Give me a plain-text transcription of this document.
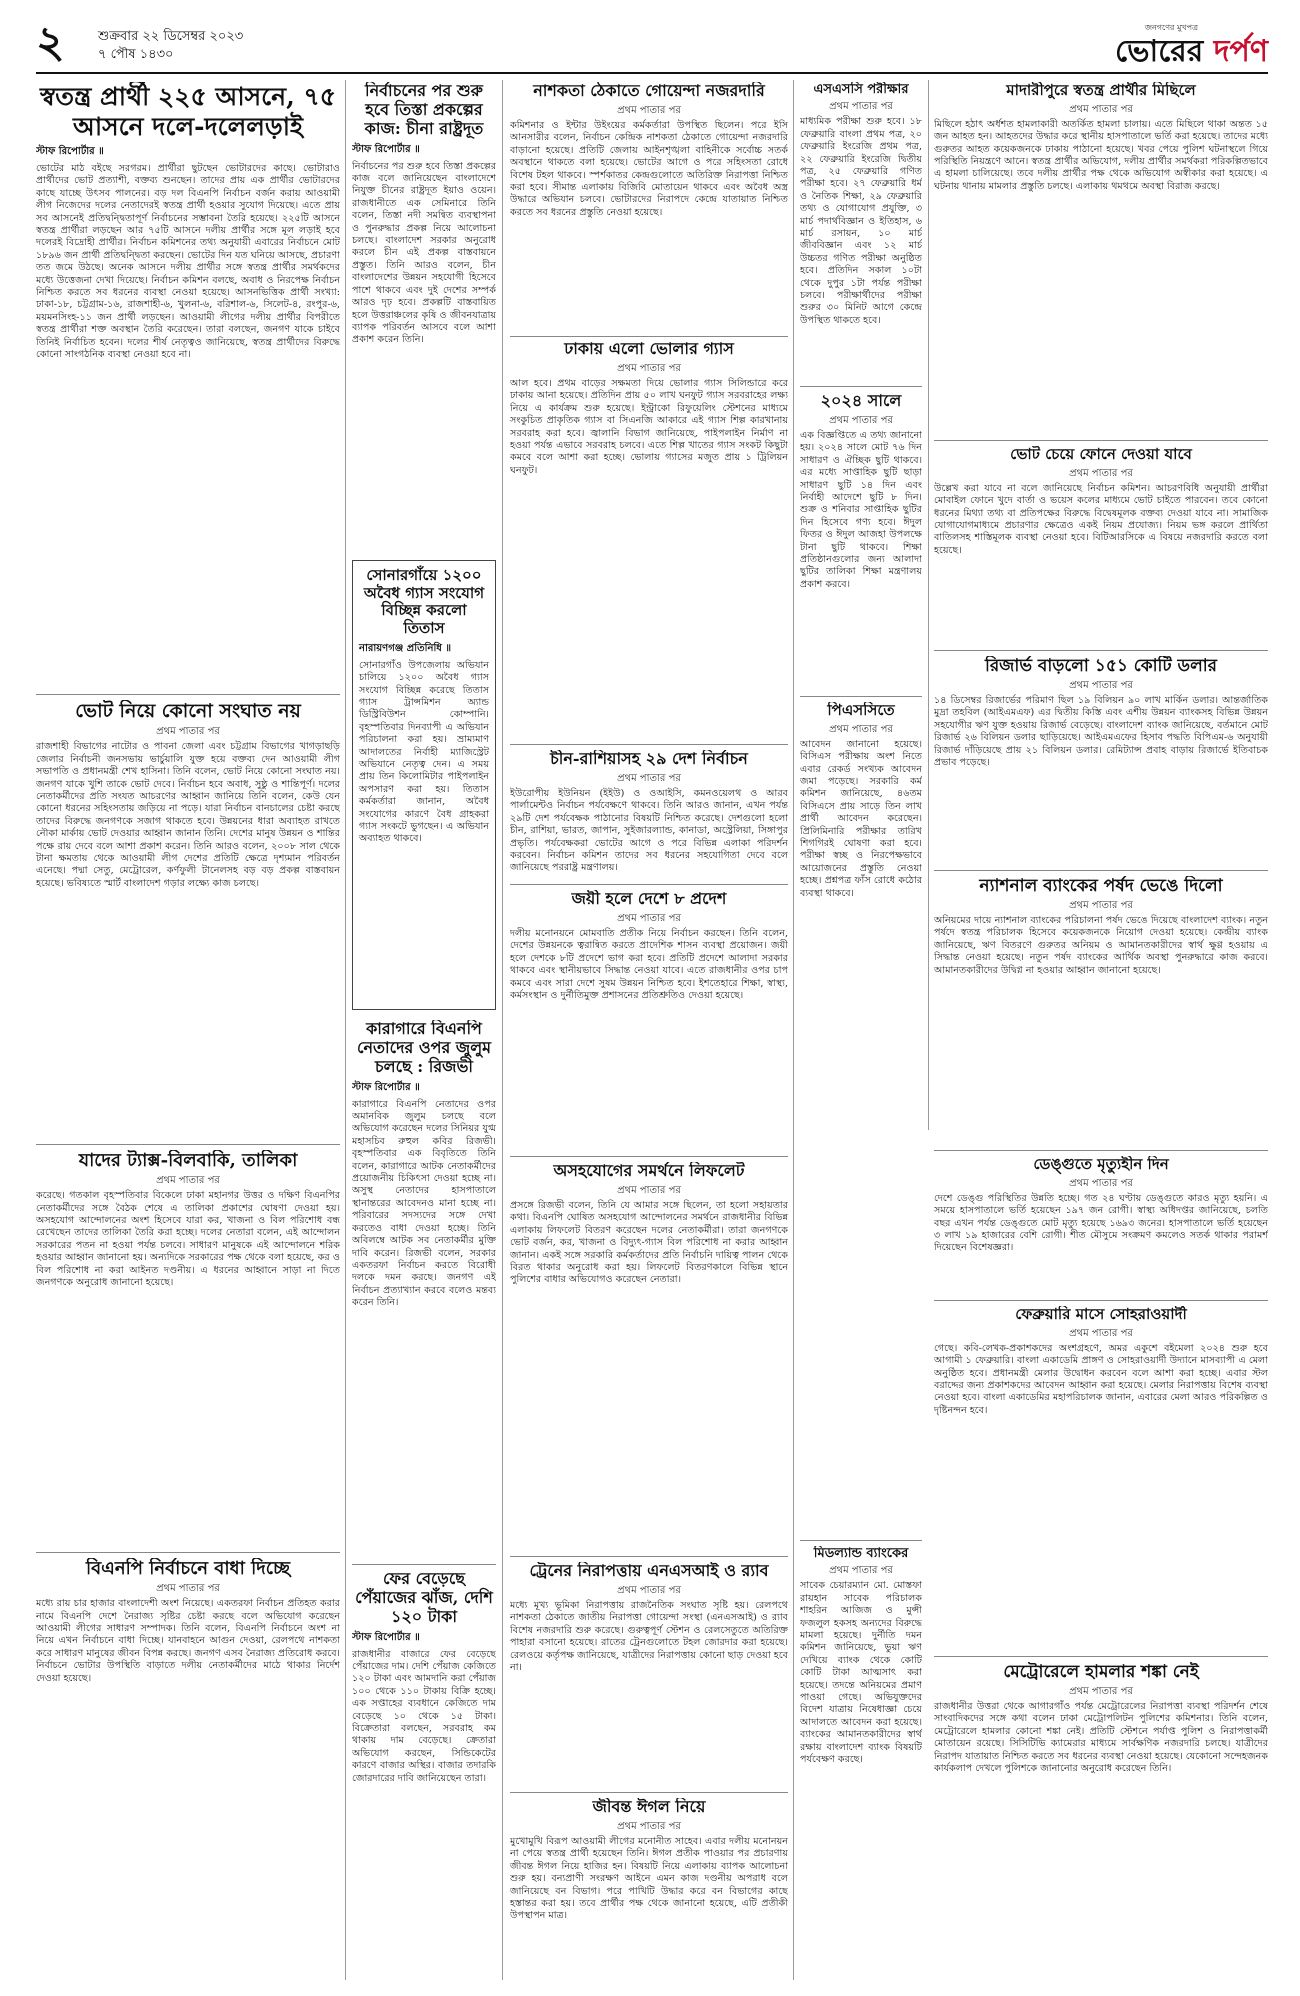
২	শুক্রবার ২২ ডিসেম্বর ২০২৩
৭ পৌষ ১৪৩০
জনগণের মুখপত্র
ভোরের দর্পণ
স্বতন্ত্র প্রার্থী ২২৫ আসনে, ৭৫ আসনে দলে-দলেলড়াই
স্টাফ রিপোর্টার ॥
ভোটের মাঠ বইছে সরগরম। প্রার্থীরা ছুটছেন ভোটারদের কাছে। ভোটারাও প্রার্থীদের ভোট প্রত্যাশী, বক্তব্য শুনছেন। তাদের প্রায় এক প্রার্থীর ভোটারদের কাছে যাচ্ছে উৎসব পালনের। বড় দল বিএনপি নির্বাচন বর্জন করায় আওয়ামী লীগ নিজেদের দলের নেতাদেরই স্বতন্ত্র প্রার্থী হওয়ার সুযোগ দিয়েছে। এতে প্রায় সব আসনেই প্রতিদ্বন্দ্বিতাপূর্ণ নির্বাচনের সম্ভাবনা তৈরি হয়েছে। ২২৫টি আসনে স্বতন্ত্র প্রার্থীরা লড়ছেন আর ৭৫টি আসনে দলীয় প্রার্থীর সঙ্গে মূল লড়াই হবে দলেরই বিদ্রোহী প্রার্থীর। নির্বাচন কমিশনের তথ্য অনুযায়ী এবারের নির্বাচনে মোট ১৮৯৬ জন প্রার্থী প্রতিদ্বন্দ্বিতা করছেন। ভোটের দিন যত ঘনিয়ে আসছে, প্রচারণা তত জমে উঠছে। অনেক আসনে দলীয় প্রার্থীর সঙ্গে স্বতন্ত্র প্রার্থীর সমর্থকদের মধ্যে উত্তেজনা দেখা দিয়েছে। নির্বাচন কমিশন বলছে, অবাধ ও নিরপেক্ষ নির্বাচন নিশ্চিত করতে সব ধরনের ব্যবস্থা নেওয়া হয়েছে। আসনভিত্তিক প্রার্থী সংখ্যা: ঢাকা-১৮, চট্টগ্রাম-১৬, রাজশাহী-৬, খুলনা-৬, বরিশাল-৬, সিলেট-৪, রংপুর-৬, ময়মনসিংহ-১১ জন প্রার্থী লড়ছেন। আওয়ামী লীগের দলীয় প্রার্থীর বিপরীতে স্বতন্ত্র প্রার্থীরা শক্ত অবস্থান তৈরি করেছেন। তারা বলছেন, জনগণ যাকে চাইবে তিনিই নির্বাচিত হবেন। দলের শীর্ষ নেতৃত্বও জানিয়েছে, স্বতন্ত্র প্রার্থীদের বিরুদ্ধে কোনো সাংগঠনিক ব্যবস্থা নেওয়া হবে না।
ভোট নিয়ে কোনো সংঘাত নয়
প্রথম পাতার পর
রাজশাহী বিভাগের নাটোর ও পাবনা জেলা এবং চট্টগ্রাম বিভাগের খাগড়াছড়ি জেলার নির্বাচনী জনসভায় ভার্চুয়ালি যুক্ত হয়ে বক্তব্য দেন আওয়ামী লীগ সভাপতি ও প্রধানমন্ত্রী শেখ হাসিনা। তিনি বলেন, ভোট নিয়ে কোনো সংঘাত নয়। জনগণ যাকে খুশি তাকে ভোট দেবে। নির্বাচন হবে অবাধ, সুষ্ঠু ও শান্তিপূর্ণ। দলের নেতাকর্মীদের প্রতি সংযত আচরণের আহ্বান জানিয়ে তিনি বলেন, কেউ যেন কোনো ধরনের সহিংসতায় জড়িয়ে না পড়ে। যারা নির্বাচন বানচালের চেষ্টা করছে তাদের বিরুদ্ধে জনগণকে সজাগ থাকতে হবে। উন্নয়নের ধারা অব্যাহত রাখতে নৌকা মার্কায় ভোট দেওয়ার আহ্বান জানান তিনি। দেশের মানুষ উন্নয়ন ও শান্তির পক্ষে রায় দেবে বলে আশা প্রকাশ করেন। তিনি আরও বলেন, ২০০৮ সাল থেকে টানা ক্ষমতায় থেকে আওয়ামী লীগ দেশের প্রতিটি ক্ষেত্রে দৃশ্যমান পরিবর্তন এনেছে। পদ্মা সেতু, মেট্রোরেল, কর্ণফুলী টানেলসহ বড় বড় প্রকল্প বাস্তবায়ন হয়েছে। ভবিষ্যতে স্মার্ট বাংলাদেশ গড়ার লক্ষ্যে কাজ চলছে।
যাদের ট্যাক্স-বিলবাকি, তালিকা
প্রথম পাতার পর
করেছে। গতকাল বৃহস্পতিবার বিকেলে ঢাকা মহানগর উত্তর ও দক্ষিণ বিএনপির নেতাকর্মীদের সঙ্গে বৈঠক শেষে এ তালিকা প্রকাশের ঘোষণা দেওয়া হয়। অসহযোগ আন্দোলনের অংশ হিসেবে যারা কর, খাজনা ও বিল পরিশোধ বন্ধ রেখেছেন তাদের তালিকা তৈরি করা হচ্ছে। দলের নেতারা বলেন, এই আন্দোলন সরকারের পতন না হওয়া পর্যন্ত চলবে। সাধারণ মানুষকে এই আন্দোলনে শরিক হওয়ার আহ্বান জানানো হয়। অন্যদিকে সরকারের পক্ষ থেকে বলা হয়েছে, কর ও বিল পরিশোধ না করা আইনত দণ্ডনীয়। এ ধরনের আহ্বানে সাড়া না দিতে জনগণকে অনুরোধ জানানো হয়েছে।
বিএনপি নির্বাচনে বাধা দিচ্ছে
প্রথম পাতার পর
মধ্যে রায় চার হাজার বাংলাদেশী অংশ নিয়েছে। একতরফা নির্বাচন প্রতিহত করার নামে বিএনপি দেশে নৈরাজ্য সৃষ্টির চেষ্টা করছে বলে অভিযোগ করেছেন আওয়ামী লীগের সাধারণ সম্পাদক। তিনি বলেন, বিএনপি নির্বাচনে অংশ না নিয়ে এখন নির্বাচনে বাধা দিচ্ছে। যানবাহনে আগুন দেওয়া, রেলপথে নাশকতা করে সাধারণ মানুষের জীবন বিপন্ন করছে। জনগণ এসব নৈরাজ্য প্রতিরোধ করবে। নির্বাচনে ভোটার উপস্থিতি বাড়াতে দলীয় নেতাকর্মীদের মাঠে থাকার নির্দেশ দেওয়া হয়েছে।
নির্বাচনের পর শুরু হবে তিস্তা প্রকল্পের কাজ: চীনা রাষ্ট্রদূত
স্টাফ রিপোর্টার ॥
নির্বাচনের পর শুরু হবে তিস্তা প্রকল্পের কাজ বলে জানিয়েছেন বাংলাদেশে নিযুক্ত চীনের রাষ্ট্রদূত ইয়াও ওয়েন। রাজধানীতে এক সেমিনারে তিনি বলেন, তিস্তা নদী সমন্বিত ব্যবস্থাপনা ও পুনরুদ্ধার প্রকল্প নিয়ে আলোচনা চলছে। বাংলাদেশ সরকার অনুরোধ করলে চীন এই প্রকল্প বাস্তবায়নে প্রস্তুত। তিনি আরও বলেন, চীন বাংলাদেশের উন্নয়ন সহযোগী হিসেবে পাশে থাকবে এবং দুই দেশের সম্পর্ক আরও দৃঢ় হবে। প্রকল্পটি বাস্তবায়িত হলে উত্তরাঞ্চলের কৃষি ও জীবনযাত্রায় ব্যাপক পরিবর্তন আসবে বলে আশা প্রকাশ করেন তিনি।
সোনারগাঁয়ে ১২০০ অবৈধ গ্যাস সংযোগ বিচ্ছিন্ন করলো তিতাস
নারায়ণগঞ্জ প্রতিনিধি ॥
সোনারগাঁও উপজেলায় অভিযান চালিয়ে ১২০০ অবৈধ গ্যাস সংযোগ বিচ্ছিন্ন করেছে তিতাস গ্যাস ট্রান্সমিশন অ্যান্ড ডিস্ট্রিবিউশন কোম্পানি। বৃহস্পতিবার দিনব্যাপী এ অভিযান পরিচালনা করা হয়। ভ্রাম্যমাণ আদালতের নির্বাহী ম্যাজিস্ট্রেট অভিযানে নেতৃত্ব দেন। এ সময় প্রায় তিন কিলোমিটার পাইপলাইন অপসারণ করা হয়। তিতাস কর্মকর্তারা জানান, অবৈধ সংযোগের কারণে বৈধ গ্রাহকরা গ্যাস সংকটে ভুগছেন। এ অভিযান অব্যাহত থাকবে।
কারাগারে বিএনপি নেতাদের ওপর জুলুম চলছে : রিজভী
স্টাফ রিপোর্টার ॥
কারাগারে বিএনপি নেতাদের ওপর অমানবিক জুলুম চলছে বলে অভিযোগ করেছেন দলের সিনিয়র যুগ্ম মহাসচিব রুহুল কবির রিজভী। বৃহস্পতিবার এক বিবৃতিতে তিনি বলেন, কারাগারে আটক নেতাকর্মীদের প্রয়োজনীয় চিকিৎসা দেওয়া হচ্ছে না। অসুস্থ নেতাদের হাসপাতালে স্থানান্তরের আবেদনও মানা হচ্ছে না। পরিবারের সদস্যদের সঙ্গে দেখা করতেও বাধা দেওয়া হচ্ছে। তিনি অবিলম্বে আটক সব নেতাকর্মীর মুক্তি দাবি করেন। রিজভী বলেন, সরকার একতরফা নির্বাচন করতে বিরোধী দলকে দমন করছে। জনগণ এই নির্বাচন প্রত্যাখ্যান করবে বলেও মন্তব্য করেন তিনি।
ফের বেড়েছে পেঁয়াজের ঝাঁজ, দেশি ১২০ টাকা
স্টাফ রিপোর্টার ॥
রাজধানীর বাজারে ফের বেড়েছে পেঁয়াজের দাম। দেশি পেঁয়াজ কেজিতে ১২০ টাকা এবং আমদানি করা পেঁয়াজ ১০০ থেকে ১১০ টাকায় বিক্রি হচ্ছে। এক সপ্তাহের ব্যবধানে কেজিতে দাম বেড়েছে ১০ থেকে ১৫ টাকা। বিক্রেতারা বলছেন, সরবরাহ কম থাকায় দাম বেড়েছে। ক্রেতারা অভিযোগ করছেন, সিন্ডিকেটের কারণে বাজার অস্থির। বাজার তদারকি জোরদারের দাবি জানিয়েছেন তারা।
নাশকতা ঠেকাতে গোয়েন্দা নজরদারি
প্রথম পাতার পর
কমিশনার ও ইন্টার উইংয়ের কর্মকর্তারা উপস্থিত ছিলেন। পরে ইসি আনসারীর বলেন, নির্বাচন কেন্দ্রিক নাশকতা ঠেকাতে গোয়েন্দা নজরদারি বাড়ানো হয়েছে। প্রতিটি জেলায় আইনশৃঙ্খলা বাহিনীকে সর্বোচ্চ সতর্ক অবস্থানে থাকতে বলা হয়েছে। ভোটের আগে ও পরে সহিংসতা রোধে বিশেষ টহল থাকবে। স্পর্শকাতর কেন্দ্রগুলোতে অতিরিক্ত নিরাপত্তা নিশ্চিত করা হবে। সীমান্ত এলাকায় বিজিবি মোতায়েন থাকবে এবং অবৈধ অস্ত্র উদ্ধারে অভিযান চলবে। ভোটারদের নিরাপদে কেন্দ্রে যাতায়াত নিশ্চিত করতে সব ধরনের প্রস্তুতি নেওয়া হয়েছে।
ঢাকায় এলো ভোলার গ্যাস
প্রথম পাতার পর
আল হবে। প্রথম বাড়ের সক্ষমতা দিয়ে ভোলার গ্যাস সিলিন্ডারে করে ঢাকায় আনা হয়েছে। প্রতিদিন প্রায় ৫০ লাখ ঘনফুট গ্যাস সরবরাহের লক্ষ্য নিয়ে এ কার্যক্রম শুরু হয়েছে। ইন্ট্রাকো রিফুয়েলিং স্টেশনের মাধ্যমে সংকুচিত প্রাকৃতিক গ্যাস বা সিএনজি আকারে এই গ্যাস শিল্প কারখানায় সরবরাহ করা হবে। জ্বালানি বিভাগ জানিয়েছে, পাইপলাইন নির্মাণ না হওয়া পর্যন্ত এভাবে সরবরাহ চলবে। এতে শিল্প খাতের গ্যাস সংকট কিছুটা কমবে বলে আশা করা হচ্ছে। ভোলায় গ্যাসের মজুত প্রায় ১ ট্রিলিয়ন ঘনফুট।
চীন-রাশিয়াসহ ২৯ দেশ নির্বাচন
প্রথম পাতার পর
ইউরোপীয় ইউনিয়ন (ইইউ) ও ওআইসি, কমনওয়েলথ ও আরব পার্লামেন্টও নির্বাচন পর্যবেক্ষণে থাকবে। তিনি আরও জানান, এখন পর্যন্ত ২৯টি দেশ পর্যবেক্ষক পাঠানোর বিষয়টি নিশ্চিত করেছে। দেশগুলো হলো চীন, রাশিয়া, ভারত, জাপান, সুইজারল্যান্ড, কানাডা, অস্ট্রেলিয়া, সিঙ্গাপুর প্রভৃতি। পর্যবেক্ষকরা ভোটের আগে ও পরে বিভিন্ন এলাকা পরিদর্শন করবেন। নির্বাচন কমিশন তাদের সব ধরনের সহযোগিতা দেবে বলে জানিয়েছে পররাষ্ট্র মন্ত্রণালয়।
জয়ী হলে দেশে ৮ প্রদেশ
প্রথম পাতার পর
দলীয় মনোনয়নে মোমবাতি প্রতীক নিয়ে নির্বাচন করছেন। তিনি বলেন, দেশের উন্নয়নকে ত্বরান্বিত করতে প্রাদেশিক শাসন ব্যবস্থা প্রয়োজন। জয়ী হলে দেশকে ৮টি প্রদেশে ভাগ করা হবে। প্রতিটি প্রদেশে আলাদা সরকার থাকবে এবং স্থানীয়ভাবে সিদ্ধান্ত নেওয়া যাবে। এতে রাজধানীর ওপর চাপ কমবে এবং সারা দেশে সুষম উন্নয়ন নিশ্চিত হবে। ইশতেহারে শিক্ষা, স্বাস্থ্য, কর্মসংস্থান ও দুর্নীতিমুক্ত প্রশাসনের প্রতিশ্রুতিও দেওয়া হয়েছে।
অসহযোগের সমর্থনে লিফলেট
প্রথম পাতার পর
প্রসঙ্গে রিজভী বলেন, তিনি যে আমার সঙ্গে ছিলেন, তা হলো সহায়তার কথা। বিএনপি ঘোষিত অসহযোগ আন্দোলনের সমর্থনে রাজধানীর বিভিন্ন এলাকায় লিফলেট বিতরণ করেছেন দলের নেতাকর্মীরা। তারা জনগণকে ভোট বর্জন, কর, খাজনা ও বিদ্যুৎ-গ্যাস বিল পরিশোধ না করার আহ্বান জানান। একই সঙ্গে সরকারি কর্মকর্তাদের প্রতি নির্বাচনি দায়িত্ব পালন থেকে বিরত থাকার অনুরোধ করা হয়। লিফলেট বিতরণকালে বিভিন্ন স্থানে পুলিশের বাধার অভিযোগও করেছেন নেতারা।
ট্রেনের নিরাপত্তায় এনএসআই ও র‍্যাব
প্রথম পাতার পর
মধ্যে মূখ্য ভূমিকা নিরাপত্তায় রাজনৈতিক সংঘাত সৃষ্টি হয়। রেলপথে নাশকতা ঠেকাতে জাতীয় নিরাপত্তা গোয়েন্দা সংস্থা (এনএসআই) ও র‍্যাব বিশেষ নজরদারি শুরু করেছে। গুরুত্বপূর্ণ স্টেশন ও রেলসেতুতে অতিরিক্ত পাহারা বসানো হয়েছে। রাতের ট্রেনগুলোতে টহল জোরদার করা হয়েছে। রেলওয়ে কর্তৃপক্ষ জানিয়েছে, যাত্রীদের নিরাপত্তায় কোনো ছাড় দেওয়া হবে না।
জীবন্ত ঈগল নিয়ে
প্রথম পাতার পর
মুখোমুখি বিরূপ আওয়ামী লীগের মনোনীত সাহেব। এবার দলীয় মনোনয়ন না পেয়ে স্বতন্ত্র প্রার্থী হয়েছেন তিনি। ঈগল প্রতীক পাওয়ার পর প্রচারণায় জীবন্ত ঈগল নিয়ে হাজির হন। বিষয়টি নিয়ে এলাকায় ব্যাপক আলোচনা শুরু হয়। বন্যপ্রাণী সংরক্ষণ আইনে এমন কাজ দণ্ডনীয় অপরাধ বলে জানিয়েছে বন বিভাগ। পরে পাখিটি উদ্ধার করে বন বিভাগের কাছে হস্তান্তর করা হয়। তবে প্রার্থীর পক্ষ থেকে জানানো হয়েছে, এটি প্রতীকী উপস্থাপন মাত্র।
এসএসসি পরীক্ষার
প্রথম পাতার পর
মাধ্যমিক পরীক্ষা শুরু হবে। ১৮ ফেব্রুয়ারি বাংলা প্রথম পত্র, ২০ ফেব্রুয়ারি ইংরেজি প্রথম পত্র, ২২ ফেব্রুয়ারি ইংরেজি দ্বিতীয় পত্র, ২৫ ফেব্রুয়ারি গণিত পরীক্ষা হবে। ২৭ ফেব্রুয়ারি ধর্ম ও নৈতিক শিক্ষা, ২৯ ফেব্রুয়ারি তথ্য ও যোগাযোগ প্রযুক্তি, ৩ মার্চ পদার্থবিজ্ঞান ও ইতিহাস, ৬ মার্চ রসায়ন, ১০ মার্চ জীববিজ্ঞান এবং ১২ মার্চ উচ্চতর গণিত পরীক্ষা অনুষ্ঠিত হবে। প্রতিদিন সকাল ১০টা থেকে দুপুর ১টা পর্যন্ত পরীক্ষা চলবে। পরীক্ষার্থীদের পরীক্ষা শুরুর ৩০ মিনিট আগে কেন্দ্রে উপস্থিত থাকতে হবে।
২০২৪ সালে
প্রথম পাতার পর
এক বিজ্ঞপ্তিতে এ তথ্য জানানো হয়। ২০২৪ সালে মোট ৭৬ দিন সাধারণ ও ঐচ্ছিক ছুটি থাকবে। এর মধ্যে সাপ্তাহিক ছুটি ছাড়া সাধারণ ছুটি ১৪ দিন এবং নির্বাহী আদেশে ছুটি ৮ দিন। শুক্র ও শনিবার সাপ্তাহিক ছুটির দিন হিসেবে গণ্য হবে। ঈদুল ফিতর ও ঈদুল আজহা উপলক্ষে টানা ছুটি থাকবে। শিক্ষা প্রতিষ্ঠানগুলোর জন্য আলাদা ছুটির তালিকা শিক্ষা মন্ত্রণালয় প্রকাশ করবে।
পিএসসিতে
প্রথম পাতার পর
আবেদন জানানো হয়েছে। বিসিএস পরীক্ষায় অংশ নিতে এবার রেকর্ড সংখ্যক আবেদন জমা পড়েছে। সরকারি কর্ম কমিশন জানিয়েছে, ৪৬তম বিসিএসে প্রায় সাড়ে তিন লাখ প্রার্থী আবেদন করেছেন। প্রিলিমিনারি পরীক্ষার তারিখ শিগগিরই ঘোষণা করা হবে। পরীক্ষা স্বচ্ছ ও নিরপেক্ষভাবে আয়োজনের প্রস্তুতি নেওয়া হচ্ছে। প্রশ্নপত্র ফাঁস রোধে কঠোর ব্যবস্থা থাকবে।
মিডল্যান্ড ব্যাংকের
প্রথম পাতার পর
সাবেক চেয়ারম্যান মো. মোস্তফা রায়হান সাবেক পরিচালক শাহরিন আজিজ ও মুন্সী ফজলুল হকসহ অন্যদের বিরুদ্ধে মামলা হয়েছে। দুর্নীতি দমন কমিশন জানিয়েছে, ভুয়া ঋণ দেখিয়ে ব্যাংক থেকে কোটি কোটি টাকা আত্মসাৎ করা হয়েছে। তদন্তে অনিয়মের প্রমাণ পাওয়া গেছে। অভিযুক্তদের বিদেশ যাত্রায় নিষেধাজ্ঞা চেয়ে আদালতে আবেদন করা হয়েছে। ব্যাংকের আমানতকারীদের স্বার্থ রক্ষায় বাংলাদেশ ব্যাংক বিষয়টি পর্যবেক্ষণ করছে।
মাদারীপুরে স্বতন্ত্র প্রার্থীর মিছিলে
প্রথম পাতার পর
মিছিলে হঠাৎ অর্ধশত হামলাকারী অতর্কিত হামলা চালায়। এতে মিছিলে থাকা অন্তত ১৫ জন আহত হন। আহতদের উদ্ধার করে স্থানীয় হাসপাতালে ভর্তি করা হয়েছে। তাদের মধ্যে গুরুতর আহত কয়েকজনকে ঢাকায় পাঠানো হয়েছে। খবর পেয়ে পুলিশ ঘটনাস্থলে গিয়ে পরিস্থিতি নিয়ন্ত্রণে আনে। স্বতন্ত্র প্রার্থীর অভিযোগ, দলীয় প্রার্থীর সমর্থকরা পরিকল্পিতভাবে এ হামলা চালিয়েছে। তবে দলীয় প্রার্থীর পক্ষ থেকে অভিযোগ অস্বীকার করা হয়েছে। এ ঘটনায় থানায় মামলার প্রস্তুতি চলছে। এলাকায় থমথমে অবস্থা বিরাজ করছে।
ভোট চেয়ে ফোনে দেওয়া যাবে
প্রথম পাতার পর
উল্লেখ করা যাবে না বলে জানিয়েছে নির্বাচন কমিশন। আচরণবিধি অনুযায়ী প্রার্থীরা মোবাইল ফোনে খুদে বার্তা ও ভয়েস কলের মাধ্যমে ভোট চাইতে পারবেন। তবে কোনো ধরনের মিথ্যা তথ্য বা প্রতিপক্ষের বিরুদ্ধে বিদ্বেষমূলক বক্তব্য দেওয়া যাবে না। সামাজিক যোগাযোগমাধ্যমে প্রচারণার ক্ষেত্রেও একই নিয়ম প্রযোজ্য। নিয়ম ভঙ্গ করলে প্রার্থিতা বাতিলসহ শাস্তিমূলক ব্যবস্থা নেওয়া হবে। বিটিআরসিকে এ বিষয়ে নজরদারি করতে বলা হয়েছে।
রিজার্ভ বাড়লো ১৫১ কোটি ডলার
প্রথম পাতার পর
১৪ ডিসেম্বর রিজার্ভের পরিমাণ ছিল ১৯ বিলিয়ন ৯০ লাখ মার্কিন ডলার। আন্তর্জাতিক মুদ্রা তহবিল (আইএমএফ) এর দ্বিতীয় কিস্তি এবং এশীয় উন্নয়ন ব্যাংকসহ বিভিন্ন উন্নয়ন সহযোগীর ঋণ যুক্ত হওয়ায় রিজার্ভ বেড়েছে। বাংলাদেশ ব্যাংক জানিয়েছে, বর্তমানে মোট রিজার্ভ ২৬ বিলিয়ন ডলার ছাড়িয়েছে। আইএমএফের হিসাব পদ্ধতি বিপিএম-৬ অনুযায়ী রিজার্ভ দাঁড়িয়েছে প্রায় ২১ বিলিয়ন ডলার। রেমিট্যান্স প্রবাহ বাড়ায় রিজার্ভে ইতিবাচক প্রভাব পড়েছে।
ন্যাশনাল ব্যাংকের পর্ষদ ভেঙে দিলো
প্রথম পাতার পর
অনিয়মের দায়ে ন্যাশনাল ব্যাংকের পরিচালনা পর্ষদ ভেঙে দিয়েছে বাংলাদেশ ব্যাংক। নতুন পর্ষদে স্বতন্ত্র পরিচালক হিসেবে কয়েকজনকে নিয়োগ দেওয়া হয়েছে। কেন্দ্রীয় ব্যাংক জানিয়েছে, ঋণ বিতরণে গুরুতর অনিয়ম ও আমানতকারীদের স্বার্থ ক্ষুণ্ণ হওয়ায় এ সিদ্ধান্ত নেওয়া হয়েছে। নতুন পর্ষদ ব্যাংকের আর্থিক অবস্থা পুনরুদ্ধারে কাজ করবে। আমানতকারীদের উদ্বিগ্ন না হওয়ার আহ্বান জানানো হয়েছে।
ডেঙ্গুতে মৃত্যুহীন দিন
প্রথম পাতার পর
দেশে ডেঙ্গু পরিস্থিতির উন্নতি হচ্ছে। গত ২৪ ঘণ্টায় ডেঙ্গুতে কারও মৃত্যু হয়নি। এ সময়ে হাসপাতালে ভর্তি হয়েছেন ১৯৭ জন রোগী। স্বাস্থ্য অধিদপ্তর জানিয়েছে, চলতি বছর এখন পর্যন্ত ডেঙ্গুতে মোট মৃত্যু হয়েছে ১৬৯৩ জনের। হাসপাতালে ভর্তি হয়েছেন ৩ লাখ ১৯ হাজারের বেশি রোগী। শীত মৌসুমে সংক্রমণ কমলেও সতর্ক থাকার পরামর্শ দিয়েছেন বিশেষজ্ঞরা।
ফেব্রুয়ারি মাসে সোহরাওয়ার্দী
প্রথম পাতার পর
গেছে। কবি-লেখক-প্রকাশকদের অংশগ্রহণে, অমর একুশে বইমেলা ২০২৪ শুরু হবে আগামী ১ ফেব্রুয়ারি। বাংলা একাডেমি প্রাঙ্গণ ও সোহরাওয়ার্দী উদ্যানে মাসব্যাপী এ মেলা অনুষ্ঠিত হবে। প্রধানমন্ত্রী মেলার উদ্বোধন করবেন বলে আশা করা হচ্ছে। এবার স্টল বরাদ্দের জন্য প্রকাশকদের আবেদন আহ্বান করা হয়েছে। মেলার নিরাপত্তায় বিশেষ ব্যবস্থা নেওয়া হবে। বাংলা একাডেমির মহাপরিচালক জানান, এবারের মেলা আরও পরিকল্পিত ও দৃষ্টিনন্দন হবে।
মেট্রোরেলে হামলার শঙ্কা নেই
প্রথম পাতার পর
রাজধানীর উত্তরা থেকে আগারগাঁও পর্যন্ত মেট্রোরেলের নিরাপত্তা ব্যবস্থা পরিদর্শন শেষে সাংবাদিকদের সঙ্গে কথা বলেন ঢাকা মেট্রোপলিটন পুলিশের কমিশনার। তিনি বলেন, মেট্রোরেলে হামলার কোনো শঙ্কা নেই। প্রতিটি স্টেশনে পর্যাপ্ত পুলিশ ও নিরাপত্তাকর্মী মোতায়েন রয়েছে। সিসিটিভি ক্যামেরার মাধ্যমে সার্বক্ষণিক নজরদারি চলছে। যাত্রীদের নিরাপদ যাতায়াত নিশ্চিত করতে সব ধরনের ব্যবস্থা নেওয়া হয়েছে। যেকোনো সন্দেহজনক কার্যকলাপ দেখলে পুলিশকে জানানোর অনুরোধ করেছেন তিনি।
